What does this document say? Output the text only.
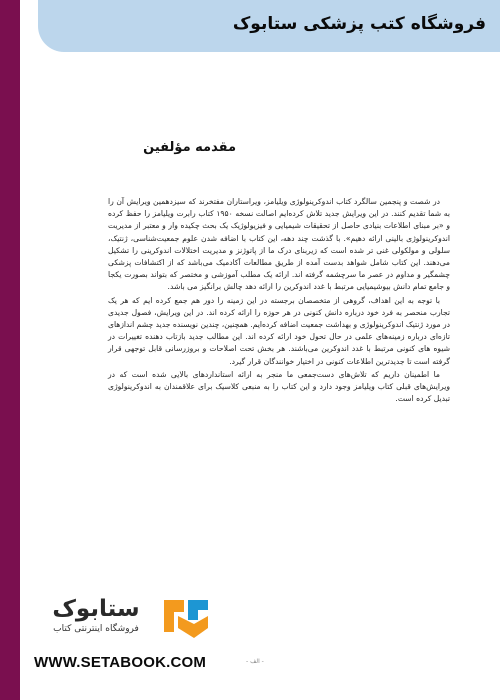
فروشگاه کتب پزشکی ستابوک
مقدمه مؤلفین

در شصت و پنجمین سالگرد کتاب اندوکرینولوژی ویلیامز، ویراستاران مفتخرند که سیزدهمین ویرایش آن را به شما تقدیم کنند. در این ویرایش جدید تلاش کرده‌ایم اصالت نسخه ۱۹۵۰ کتاب رابرت ویلیامز را حفظ کرده و «بر مبنای اطلاعات بنیادی حاصل از تحقیقات شیمیایی و فیزیولوژیک یک بحث چکیده وار و معتبر از مدیریت اندوکرینولوژی بالینی ارائه دهیم». با گذشت چند دهه، این کتاب با اضافه شدن علوم جمعیت‌شناسی، ژنتیک، سلولی و مولکولی غنی تر شده است که زیربنای درک ما از پاتوژنز و مدیریت اختلالات اندوکرینی را تشکیل می‌دهند. این کتاب شامل شواهد بدست آمده از طریق مطالعات آکادمیک می‌باشد که از اکتشافات پزشکی چشمگیر و مداوم در عصر ما سرچشمه گرفته اند. ارائه یک مطلب آموزشی و مختصر که بتواند بصورت یکجا و جامع تمام دانش بیوشیمیایی مرتبط با غدد اندوکرین را ارائه دهد چالش برانگیز می باشد.

با توجه به این اهداف، گروهی از متخصصان برجسته در این زمینه را دور هم جمع کرده ایم که هر یک تجارب منحصر به فرد خود درباره دانش کنونی در هر حوزه را ارائه کرده اند. در این ویرایش، فصول جدیدی در مورد ژنتیک اندوکرینولوژی و بهداشت جمعیت اضافه کرده‌ایم. همچنین، چندین نویسنده جدید چشم اندازهای تازه‌ای درباره زمینه‌های علمی در حال تحول خود ارائه کرده اند. این مطالب جدید بازتاب دهنده تغییرات در شیوه های کنونی مرتبط با غدد اندوکرین می‌باشند. هر بخش تحت اصلاحات و بروزرسانی قابل توجهی قرار گرفته است تا جدیدترین اطلاعات کنونی در اختیار خوانندگان قرار گیرد.

ما اطمینان داریم که تلاش‌های دست‌جمعی ما منجر به ارائه استانداردهای بالایی شده است که در ویرایش‌های قبلی کتاب ویلیامز وجود دارد و این کتاب را به منبعی کلاسیک برای علاقمندان به اندوکرینولوژی تبدیل کرده است.

ستابوک
فروشگاه اینترنتی کتاب
WWW.SETABOOK.COM	- الف -
